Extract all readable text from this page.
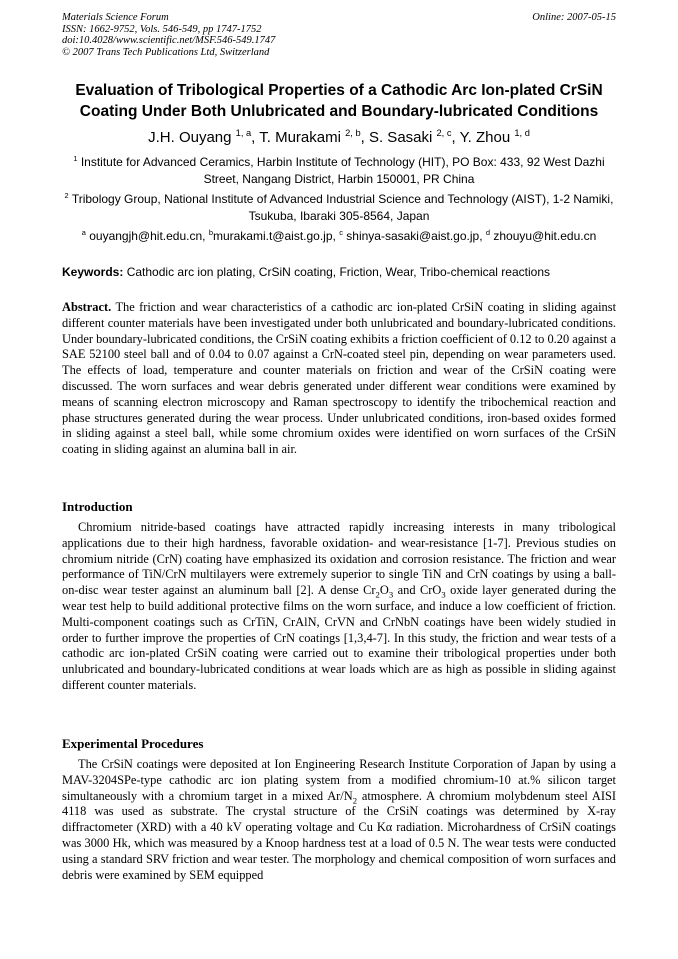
Materials Science Forum
ISSN: 1662-9752, Vols. 546-549, pp 1747-1752
doi:10.4028/www.scientific.net/MSF.546-549.1747
© 2007 Trans Tech Publications Ltd, Switzerland
Online: 2007-05-15
Evaluation of Tribological Properties of a Cathodic Arc Ion-plated CrSiN
Coating Under Both Unlubricated and Boundary-lubricated Conditions
J.H. Ouyang $^{1, a}$, T. Murakami $^{2, b}$, S. Sasaki $^{2, c}$, Y. Zhou $^{1, d}$
$^1$ Institute for Advanced Ceramics, Harbin Institute of Technology (HIT), PO Box: 433, 92 West Dazhi Street, Nangang District, Harbin 150001, PR China
$^2$ Tribology Group, National Institute of Advanced Industrial Science and Technology (AIST), 1-2 Namiki, Tsukuba, Ibaraki 305-8564, Japan
$^a$ ouyangjh@hit.edu.cn, $^b$murakami.t@aist.go.jp, $^c$ shinya-sasaki@aist.go.jp, $^d$ zhouyu@hit.edu.cn
Keywords: Cathodic arc ion plating, CrSiN coating, Friction, Wear, Tribo-chemical reactions
Abstract. The friction and wear characteristics of a cathodic arc ion-plated CrSiN coating in sliding against different counter materials have been investigated under both unlubricated and boundary-lubricated conditions. Under boundary-lubricated conditions, the CrSiN coating exhibits a friction coefficient of 0.12 to 0.20 against a SAE 52100 steel ball and of 0.04 to 0.07 against a CrN-coated steel pin, depending on wear parameters used. The effects of load, temperature and counter materials on friction and wear of the CrSiN coating were discussed. The worn surfaces and wear debris generated under different wear conditions were examined by means of scanning electron microscopy and Raman spectroscopy to identify the tribochemical reaction and phase structures generated during the wear process. Under unlubricated conditions, iron-based oxides formed in sliding against a steel ball, while some chromium oxides were identified on worn surfaces of the CrSiN coating in sliding against an alumina ball in air.
Introduction
Chromium nitride-based coatings have attracted rapidly increasing interests in many tribological applications due to their high hardness, favorable oxidation- and wear-resistance [1-7]. Previous studies on chromium nitride (CrN) coating have emphasized its oxidation and corrosion resistance. The friction and wear performance of TiN/CrN multilayers were extremely superior to single TiN and CrN coatings by using a ball-on-disc wear tester against an aluminum ball [2]. A dense $Cr_2O_3$ and CrO$_3$ oxide layer generated during the wear test help to build additional protective films on the worn surface, and induce a low coefficient of friction. Multi-component coatings such as CrTiN, CrAlN, CrVN and CrNbN coatings have been widely studied in order to further improve the properties of CrN coatings [1,3,4-7]. In this study, the friction and wear tests of a cathodic arc ion-plated CrSiN coating were carried out to examine their tribological properties under both unlubricated and boundary-lubricated conditions at wear loads which are as high as possible in sliding against different counter materials.
Experimental Procedures
The CrSiN coatings were deposited at Ion Engineering Research Institute Corporation of Japan by using a MAV-3204SPe-type cathodic arc ion plating system from a modified chromium-10 at.% silicon target simultaneously with a chromium target in a mixed $Ar/N_2$ atmosphere. A chromium molybdenum steel AISI 4118 was used as substrate. The crystal structure of the CrSiN coatings was determined by X-ray diffractometer (XRD) with a 40 kV operating voltage and Cu Kα radiation. Microhardness of CrSiN coatings was 3000 Hk, which was measured by a Knoop hardness test at a load of 0.5 N. The wear tests were conducted using a standard SRV friction and wear tester. The morphology and chemical composition of worn surfaces and debris were examined by SEM equipped
